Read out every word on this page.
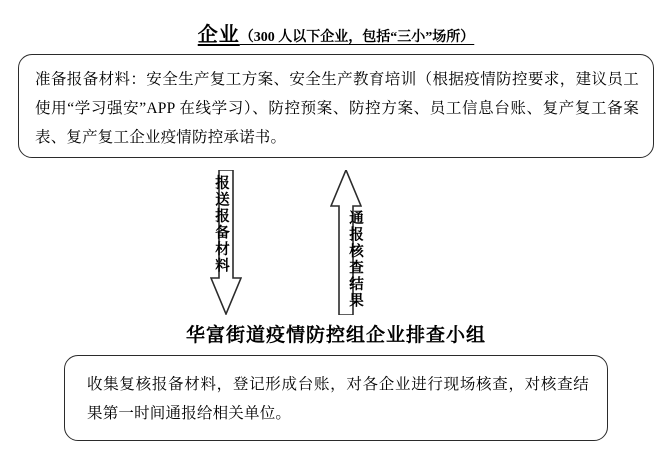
企业（300 人以下企业，包括“三小”场所）
准备报备材料：安全生产复工方案、安全生产教育培训（根据疫情防控要求，建议员工使用“学习强安”APP 在线学习）、防控预案、防控方案、员工信息台账、复产复工备案表、复产复工企业疫情防控承诺书。
报送报备材料	通报核查结果
华富街道疫情防控组企业排查小组
收集复核报备材料，登记形成台账，对各企业进行现场核查，对核查结果第一时间通报给相关单位。
